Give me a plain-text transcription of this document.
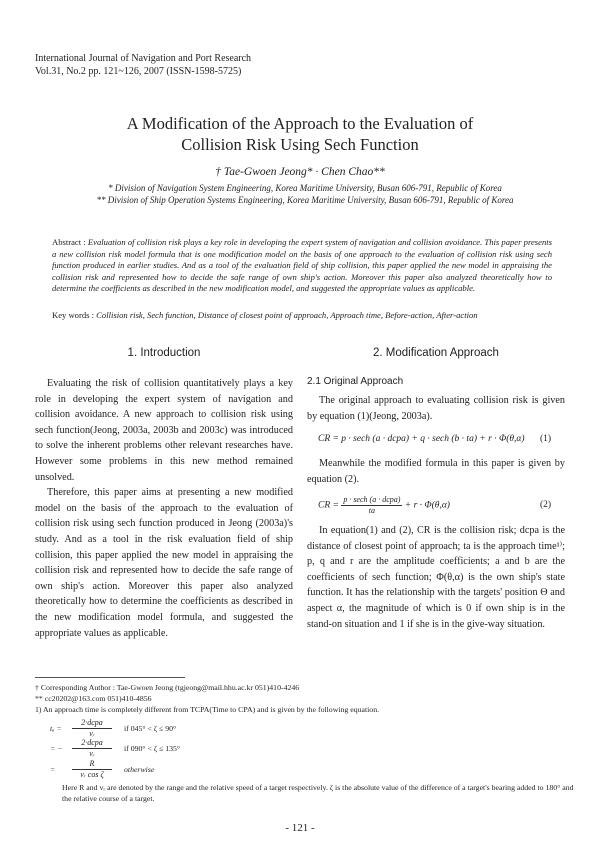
International Journal of Navigation and Port Research
Vol.31, No.2 pp. 121~126, 2007 (ISSN-1598-5725)
A Modification of the Approach to the Evaluation of
Collision Risk Using Sech Function
† Tae-Gwoen Jeong* · Chen Chao**
* Division of Navigation System Engineering, Korea Maritime University, Busan 606-791, Republic of Korea
** Division of Ship Operation Systems Engineering, Korea Maritime University, Busan 606-791, Republic of Korea
Abstract : Evaluation of collision risk plays a key role in developing the expert system of navigation and collision avoidance. This paper presents a new collision risk model formula that is one modification model on the basis of one approach to the evaluation of collision risk using sech function produced in earlier studies. And as a tool of the evaluation field of ship collision, this paper applied the new model in appraising the collision risk and represented how to decide the safe range of own ship's action. Moreover this paper also analyzed theoretically how to determine the coefficients as described in the new modification model, and suggested the appropriate values as applicable.
Key words : Collision risk, Sech function, Distance of closest point of approach, Approach time, Before-action, After-action
1. Introduction

Evaluating the risk of collision quantitatively plays a key role in developing the expert system of navigation and collision avoidance. A new approach to collision risk using sech function(Jeong, 2003a, 2003b and 2003c) was introduced to solve the inherent problems other relevant researches have. However some problems in this new method remained unsolved.

Therefore, this paper aims at presenting a new modified model on the basis of the approach to the evaluation of collision risk using sech function produced in Jeong (2003a)'s study. And as a tool in the risk evaluation field of ship collision, this paper applied the new model in appraising the collision risk and represented how to decide the safe range of own ship's action. Moreover this paper also analyzed theoretically how to determine the coefficients as described in the new modification model formula, and suggested the appropriate values as applicable.

2. Modification Approach
2.1 Original Approach

The original approach to evaluating collision risk is given by equation (1)(Jeong, 2003a).

CR = p · sech (a · dcpa) + q · sech (b · ta) + r · Φ(θ,α) (1)

Meanwhile the modified formula in this paper is given by equation (2).

CR = $\frac{\text{p · sech (a · dcpa)}}{ta} + r \cdot \Phi(\theta,\alpha)$	(2)

In equation(1) and (2), CR is the collision risk; dcpa is the distance of closest point of approach; ta is the approach time¹⁾; p, q and r are the amplitude coefficients; a and b are the coefficients of sech function; Φ(θ,α) is the own ship's state function. It has the relationship with the targets' position Θ and aspect α, the magnitude of which is 0 if own ship is in the stand-on situation and 1 if she is in the give-way situation.

† Corresponding Author : Tae-Gwoen Jeong (tgjeong@mail.hhu.ac.kr 051)410-4246
** cc20202@163.com 051)410-4856
1) An approach time is completely different from TCPA(Time to CPA) and is given by the following equation.
tₐ =	$\frac{\text{2·dcpa}}{\text{vᵣ}}$ if 045° < ζ ≤ 90°
= −	$\frac{\text{2·dcpa}}{\text{vᵣ}}$ if 090° < ζ ≤ 135°
=	$\frac{R}{\text{vᵣ cos ζ}}$ otherwise
Here R and vᵣ are denoted by the range and the relative speed of a target respectively. ζ is the absolute value of the difference of a target's bearing added to 180° and the relative course of a target.
- 121 -
